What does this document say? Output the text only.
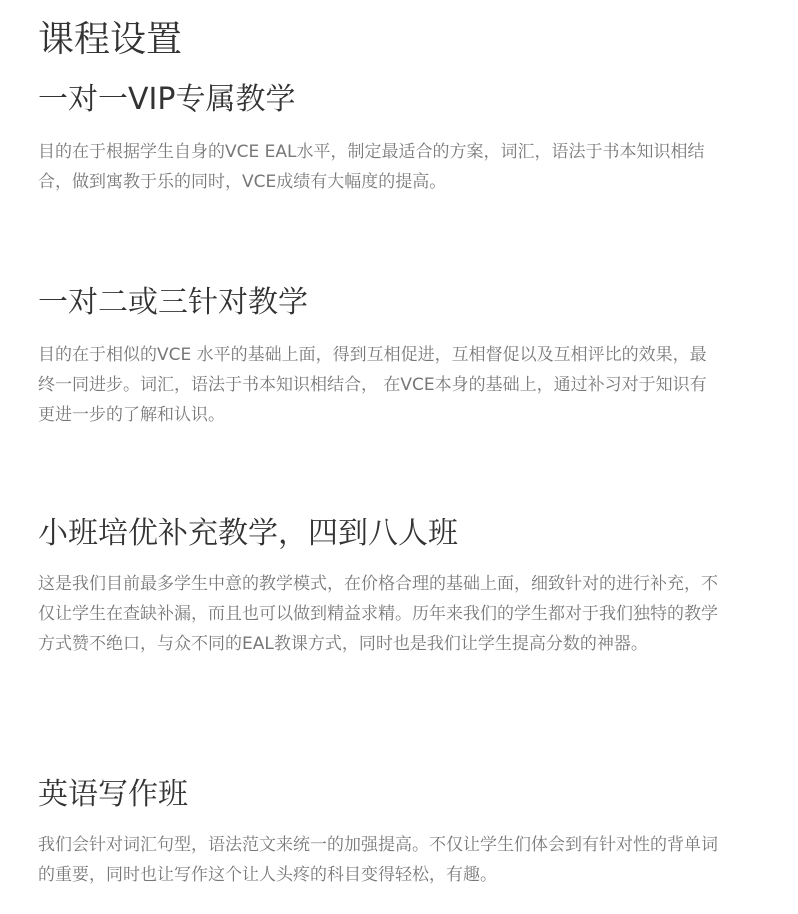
课程设置
一对一VIP专属教学

目的在于根据学生自身的VCE EAL水平，制定最适合的方案，词汇，语法于书本知识相结合，做到寓教于乐的同时，VCE成绩有大幅度的提高。

一对二或三针对教学

目的在于相似的VCE 水平的基础上面，得到互相促进，互相督促以及互相评比的效果，最终一同进步。词汇，语法于书本知识相结合， 在VCE本身的基础上，通过补习对于知识有更进一步的了解和认识。

小班培优补充教学，四到八人班

这是我们目前最多学生中意的教学模式，在价格合理的基础上面，细致针对的进行补充，不仅让学生在查缺补漏，而且也可以做到精益求精。历年来我们的学生都对于我们独特的教学方式赞不绝口，与众不同的EAL教课方式，同时也是我们让学生提高分数的神器。

英语写作班

我们会针对词汇句型，语法范文来统一的加强提高。不仅让学生们体会到有针对性的背单词的重要，同时也让写作这个让人头疼的科目变得轻松，有趣。
